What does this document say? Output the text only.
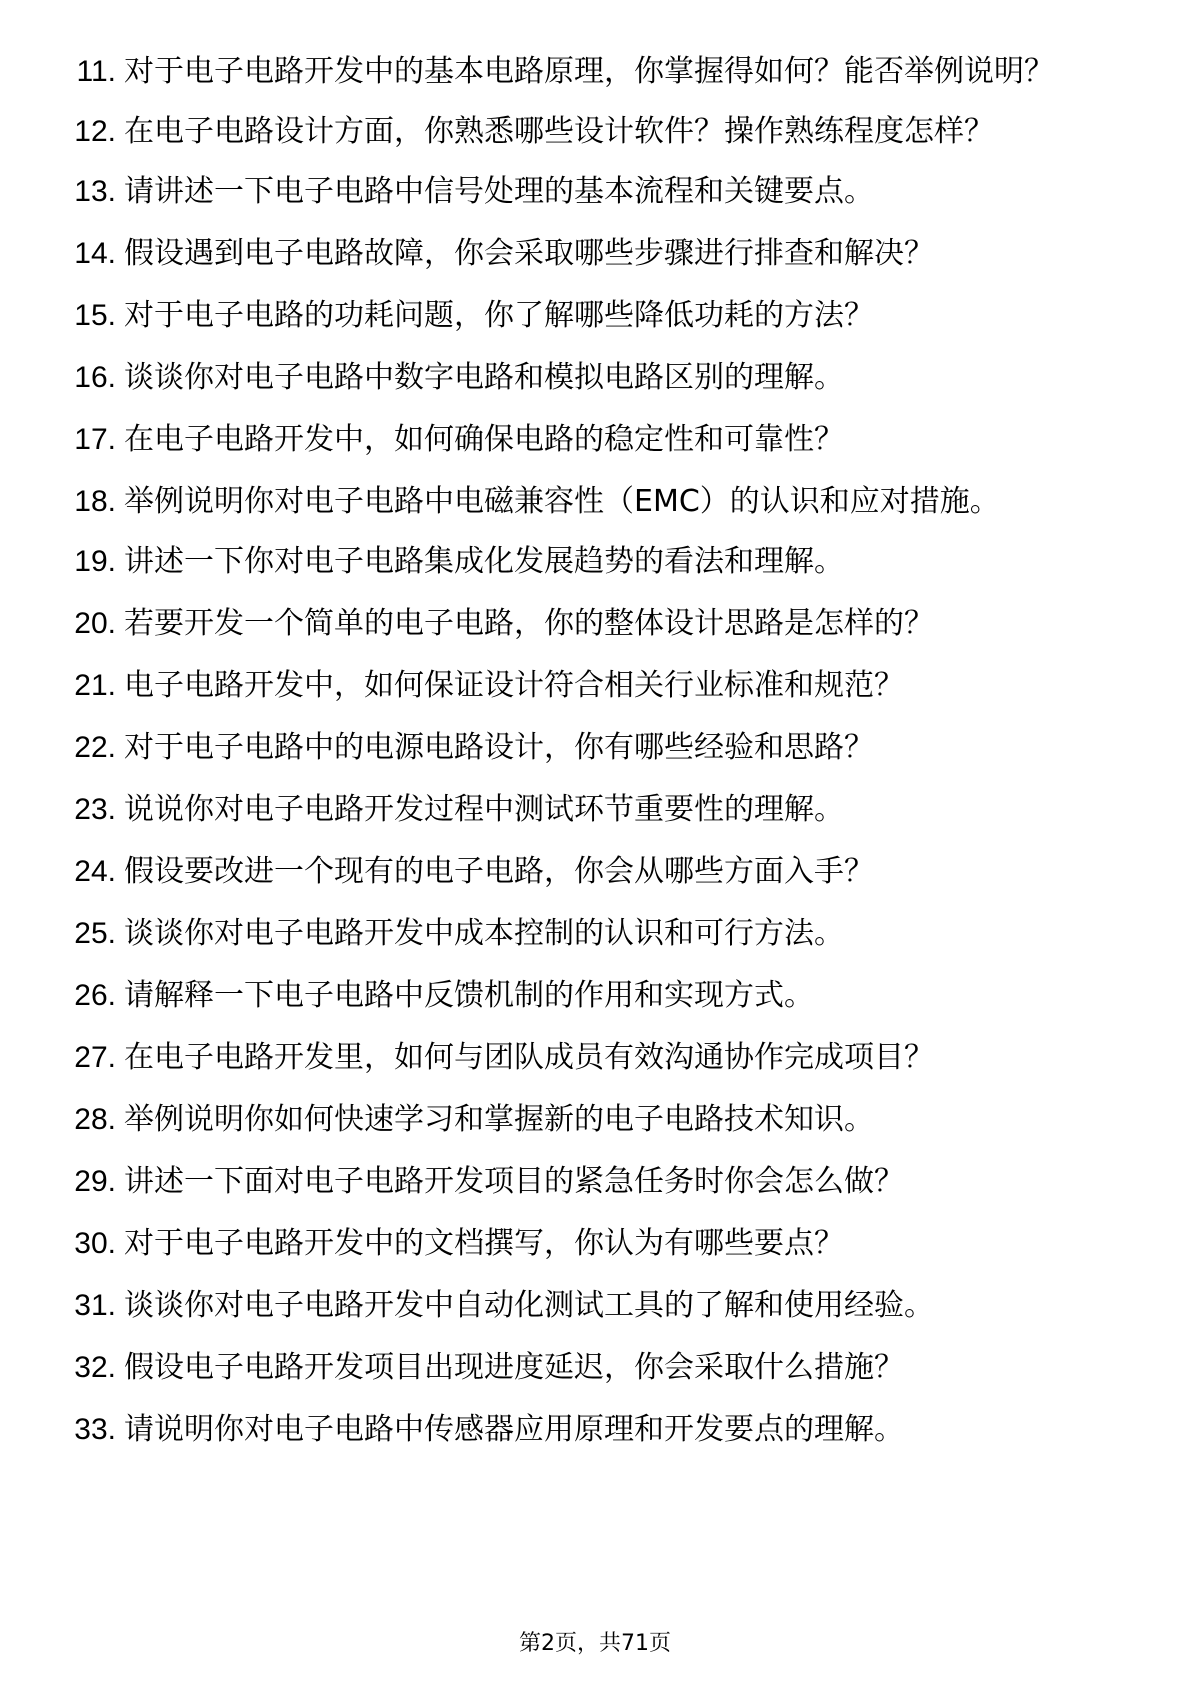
11. 对于电子电路开发中的基本电路原理，你掌握得如何？能否举例说明？
12. 在电子电路设计方面，你熟悉哪些设计软件？操作熟练程度怎样？
13. 请讲述一下电子电路中信号处理的基本流程和关键要点。
14. 假设遇到电子电路故障，你会采取哪些步骤进行排查和解决？
15. 对于电子电路的功耗问题，你了解哪些降低功耗的方法？
16. 谈谈你对电子电路中数字电路和模拟电路区别的理解。
17. 在电子电路开发中，如何确保电路的稳定性和可靠性？
18. 举例说明你对电子电路中电磁兼容性（EMC）的认识和应对措施。
19. 讲述一下你对电子电路集成化发展趋势的看法和理解。
20. 若要开发一个简单的电子电路，你的整体设计思路是怎样的？
21. 电子电路开发中，如何保证设计符合相关行业标准和规范？
22. 对于电子电路中的电源电路设计，你有哪些经验和思路？
23. 说说你对电子电路开发过程中测试环节重要性的理解。
24. 假设要改进一个现有的电子电路，你会从哪些方面入手？
25. 谈谈你对电子电路开发中成本控制的认识和可行方法。
26. 请解释一下电子电路中反馈机制的作用和实现方式。
27. 在电子电路开发里，如何与团队成员有效沟通协作完成项目？
28. 举例说明你如何快速学习和掌握新的电子电路技术知识。
29. 讲述一下面对电子电路开发项目的紧急任务时你会怎么做？
30. 对于电子电路开发中的文档撰写，你认为有哪些要点？
31. 谈谈你对电子电路开发中自动化测试工具的了解和使用经验。
32. 假设电子电路开发项目出现进度延迟，你会采取什么措施？
33. 请说明你对电子电路中传感器应用原理和开发要点的理解。
第2页，共71页
